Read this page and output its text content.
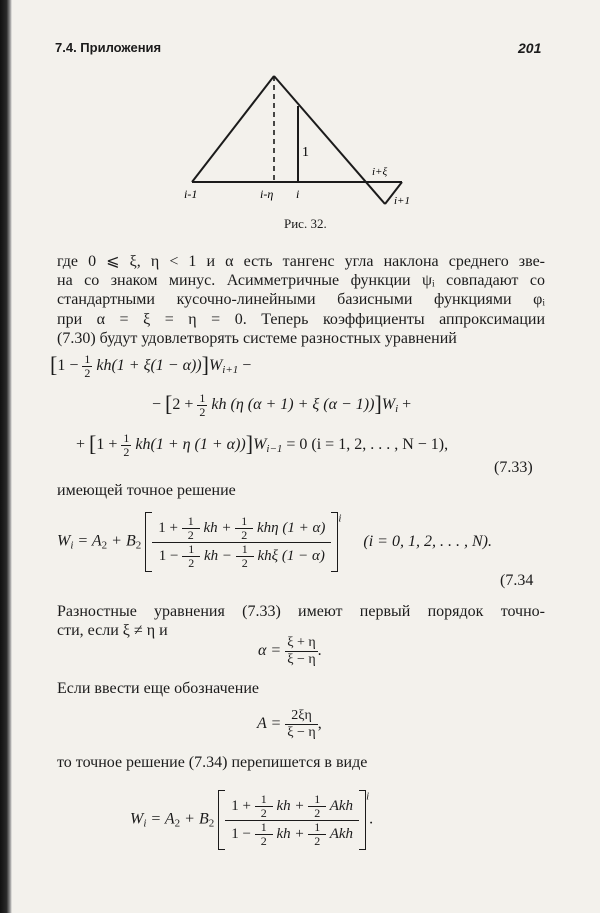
7.4. Приложения	201
i-1	i-η i
1
i+ξ
i+1
Рис. 32.
где 0 ⩽ ξ, η < 1 и α есть тангенс угла наклона среднего зве-
на со знаком минус. Асимметричные функции ψᵢ совпадают со
стандартными кусочно-линейными базисными функциями φᵢ
при α = ξ = η = 0. Теперь коэффициенты аппроксимации
(7.30) будут удовлетворять системе разностных уравнений
$[1 - \frac{1}{2} kh(1 + \xi(1 - \alpha))]W_{i+1}$ −
− [$2 + \frac{1}{2}$ kh (η (α + 1) + ξ $(\alpha - 1))]W_i$ +
+ [$1 + \frac{1}{2} kh(1 + \eta$ $(1 + \alpha))]W_{i-1} = 0$ (i = 1, 2, . . . , N − 1),
(7.33)
имеющей точное решение
$W_i = A_2 + B_2 \frac{1 + \frac{1}{2} kh + \frac{1}{2} kh\eta (1 + \alpha)}{1 - \frac{1}{2} kh - \frac{1}{2} kh\xi (1 - \alpha)} ^i$ (i = 0, 1, 2, . . . , N).
(7.34
Разностные уравнения (7.33) имеют первый порядок точно-
сти, если ξ ≠ η и
$\alpha = \frac{\xi + \eta}{\xi - \eta}$ .
Если ввести еще обозначение
$A = \frac{2\xi\eta}{\xi - \eta}$ ,
то точное решение (7.34) перепишется в виде
$W_i = A_2 + B_2 \frac{1 + \frac{1}{2} kh + \frac{1}{2} Akh}{1 - \frac{1}{2} kh + \frac{1}{2} Akh} ^i$.
